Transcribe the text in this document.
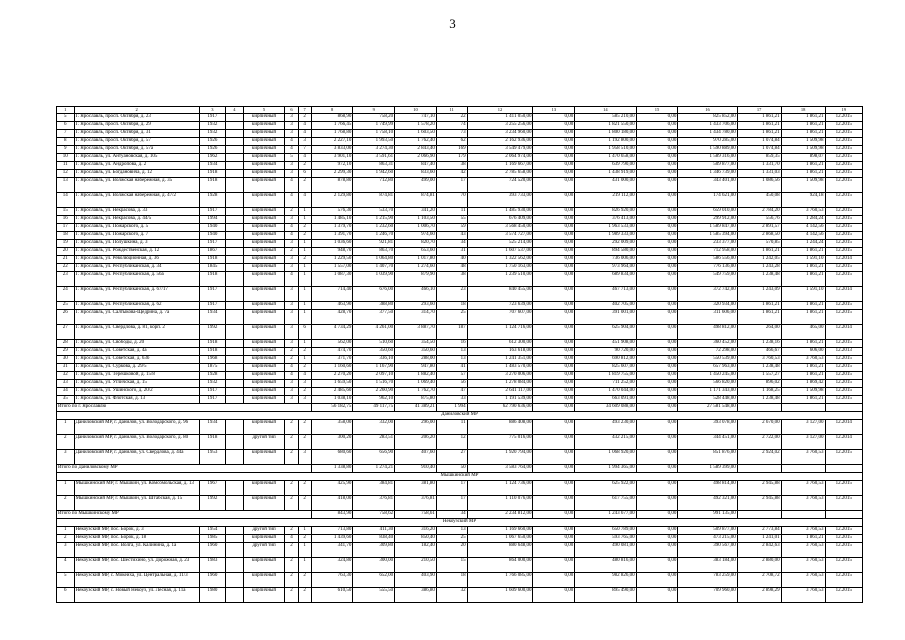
3
1	2	3	4	5	6	7	8	9	10	11	12	13	14	15	16	17	18	19
5	Г. Ярославль, просп. Октября, д. 23	1917		кирпичный	3	2	868,90	758,20	747,10	22	1 411 050,00	0,00	585 210,00	0,00	825 852,00	1 861,21	1 861,21	12.2015
6	Г. Ярославль, просп. Октября, д. 29	1932		кирпичный	3	4	1 766,45	1 749,99	1 578,20	74	3 255 256,00	0,00	1 821 550,00	0,00	1 433 706,00	1 861,21	1 861,21	12.2015
7	Г. Ярославль, просп. Октября, д. 31	1932		кирпичный	3	4	1 768,80	1 758,10	1 603,50	73	3 234 960,00	0,00	1 800 180,00	0,00	1 434 780,00	1 861,21	1 861,21	12.2015
8	Г. Ярославль, просп. Октября, д. 57	1926		кирпичный	4	3	2 227,10	1 993,50	1 762,40	62	2 162 936,00	0,00	1 192 800,00	0,00	970 285,00	1 074,84	1 509,98	12.2015
9	Г. Ярославль, просп. Октября, д. 57а	1926		кирпичный	4	7	3 833,00	3 274,30	2 843,40	169	3 549 479,00	0,00	1 958 510,00	0,00	1 590 889,00	1 074,84	1 509,98	12.2015
10	Г. Ярославль, ул. Антуановская, д. 105	1962		кирпичный	5	4	3 901,10	3 591,61	2 066,90	179	2 064 974,00	0,00	1 470 658,00	0,00	1 589 316,00	859,35	898,07	12.2015
11	Г. Ярославль, ул. Андропова, д. 2	1934		кирпичный	3	2	972,10	863,31	847,40	38	1 169 667,00	0,00	639 790,00	0,00	509 877,00	1 331,70	1 861,21	12.2015
12	Г. Ярославль, ул. Богдановича, д. 12	1918		кирпичный	3	6	2 299,30	1 942,60	833,60	42	2 785 658,00	0,00	1 438 919,00	0,00	1 346 739,00	1 331,03	1 861,21	12.2015
13	Г. Ярославль, ул. Волжская набережная, д. 35	1918		кирпичный	4	2	878,80	712,80	499,00	17	724 520,00	0,00	431 000,00	0,00	343 401,00	1 086,56	1 509,98	12.2015
14	Г. Ярославль, ул. Волжская набережная, д. 47/2	1928		кирпичный	4	4	2 129,80	874,81	874,81	70	393 733,00	0,00	219 112,00	0,00	174 621,00	450,08	924,18	12.2015
15	Г. Ярославль, ул. Некрасова, д. 33	1917		кирпичный	2	1	576,30	533,70	341,20	11	1 485 930,00	0,00	826 920,00	0,00	659 010,00	2 784,20	3 760,53	12.2015
16	Г. Ярославль, ул. Некрасова, д. 44/5	1994		кирпичный	3	1	1 485,10	1 215,90	1 103,50	55	676 409,00	0,00	376 413,00	0,00	299 912,00	556,76	1 284,24	12.2015
17	Г. Ярославль, ул. Пожарского, д. 5	1940		кирпичный	4	2	1 379,70	1 232,60	1 006,70	59	3 568 450,00	0,00	1 963 533,00	0,00	1 589 847,00	2 891,57	4 142,56	12.2015
18	Г. Ярославль, ул. Пожарского, д. 7	1940		кирпичный	4	2	1 391,70	1 246,70	974,60	43	3 574 727,00	0,00	1 989 333,00	0,00	1 585 394,00	2 868,50	4 142,56	12.2015
19	Г. Ярославль, ул. Полушкина, д. 3	1917		кирпичный	3	1	1 036,60	921,81	820,70	34	525 214,00	0,00	292 009,00	0,00	233 377,00	570,85	1 244,24	12.2015
20	Г. Ярославль, ул. Рождественская, д. 12	1867		кирпичный	2	1	948,70	863,70	653,60	31	1 607 537,00	0,00	894 580,00	0,00	712 958,00	1 861,21	1 861,21	12.2015
21	Г. Ярославль, ул. Революционная, д. 36	1918		кирпичный	3	2	1 229,50	1 064,80	1 017,80	40	1 322 562,00	0,00	736 006,00	0,00	586 556,00	1 242,05	1 591,10	12.2014
22	Г. Ярославль, ул. Республиканская, д. 34	1845		кирпичный	3	1	1 557,00	1 407,70	1 274,60	48	1 750 163,00	0,00	973 964,00	0,00	776 136,00	1 243,28	1 861,21	12.2015
23	Г. Ярославль, ул. Республиканская, д. 56а	1918		кирпичный	4	1	1 087,30	1 039,90	879,90	38	1 239 510,00	0,00	689 834,00	0,00	549 759,00	1 238,48	1 861,21	12.2015
24	Г. Ярославль, ул. Республиканская, д. 67/17	1917		кирпичный	3	1	714,40	676,00	466,10	23	840 455,00	0,00	467 713,00	0,00	372 742,00	1 243,09	1 591,10	12.2014
25	Г. Ярославль, ул. Республиканская, д. 62	1917		кирпичный	3	1	463,90	388,80	293,60	18	723 639,00	0,00	402 705,00	0,00	320 934,00	1 861,21	1 861,21	12.2015
26	Г. Ярославль, ул. Салтыкова-Щедрина, д. 7а	1934		кирпичный	3	1	428,70	377,50	314,70	25	707 607,00	0,00	391 001,00	0,00	311 606,00	1 861,21	1 861,21	12.2015
27	Г. Ярославль, ул. Свердлова, д. 81, корп. 2	1992		кирпичный	3	6	4 734,29	4 261,00	3 887,70	187	1 124 716,00	0,00	625 904,00	0,00	498 812,00	264,00	465,00	12.2014
28	Г. Ярославль, ул. Свободы, д. 20	1918		кирпичный	3	1	562,00	510,60	354,50	16	612 300,00	0,00	451 908,00	0,00	360 452,00	1 238,16	1 861,21	12.2015
29	Г. Ярославль, ул. Советская, д. 4а	1918		кирпичный	2	2	474,70	350,60	350,60	13	163 618,00	0,00	90 720,00	0,00	72 298,00	466,67	606,00	12.2013
30	Г. Ярославль, ул. Советская, д. 63б	1968		кирпичный	2	1	371,70	336,10	288,00	13	1 241 351,00	0,00	690 812,00	0,00	550 539,00	3 760,53	3 760,53	12.2015
31	Г. Ярославль, ул. Суркова, д. 29/5	1875		кирпичный	4	2	1 160,60	1 167,90	947,80	41	1 483 570,00	0,00	825 607,00	0,00	657 963,00	1 238,48	1 861,21	12.2015
32	Г. Ярославль, ул. Терешковой, д. 15/8	1928		кирпичный	4	4	2 270,20	2 097,10	1 882,40	57	3 270 006,00	0,00	1 819 755,00	0,00	1 450 245,00	1 557,27	1 861,21	12.2015
33	Г. Ярославль, ул. Угличская, д. 15	1932		кирпичный	3	3	1 659,50	1 516,70	1 069,40	56	1 278 084,00	0,00	711 252,00	0,00	566 820,00	896,02	1 869,42	12.2015
34	Г. Ярославль, ул. Ушинского, д. 20/2	1917		кирпичный	3	2	2 485,60	2 260,90	1 762,70	47	2 641 117,00	0,00	1 470 044,00	0,00	1 171 343,00	1 168,25	1 509,98	12.2015
35	Г. Ярославль, ул. Флотская, д. 13	1917		кирпичный	3	3	1 038,10	962,10	875,80	33	1 191 539,00	0,00	663 091,00	0,00	528 448,00	1 238,48	1 861,21	12.2015
Итого по г. Ярославлю							56 182,75	49 117,75	41 389,21	1 994	62 790 636,00	0,00	34 609 088,00	0,00	27 581 548,00			
Даниловский МР																		
1	Даниловский МР, г. Данилов, ул. Володарского, д. 96	1934		кирпичный	2	2	358,00	332,00	296,00	11	886 408,00	0,00	493 230,00	0,00	393 078,00	2 670,00	3 127,00	12.2014
2	Даниловский МР, г. Данилов, ул. Володарского, д. 80	1918		другой тип	2	2	300,20	283,51	206,20	12	775 016,00	0,00	432 215,00	0,00	344 451,00	2 722,00	3 127,00	12.2014
3	Даниловский МР, г. Данилов, ул. Свердлова, д. 44а	1953		кирпичный	2	3	680,60	656,90	407,60	27	1 920 794,00	0,00	1 068 920,00	0,00	851 876,00	2 924,02	3 760,53	12.2015
Итого по Даниловскому МР							1 338,80	1 274,21	910,40	50	3 583 764,00	0,00	1 994 365,00	0,00	1 589 399,00			
Мышкинский МР																		
1	Мышкинский МР, г. Мышкин, ул. Комсомольская, д. 13	1967		кирпичный	2	2	425,90	384,81	381,80	17	1 124 736,00	0,00	625 922,00	0,00	498 814,00	2 945,88	3 760,53	12.2015
2	Мышкинский МР, г. Мышкин, ул. Штабская, д. 15	1992		кирпичный	2	2	418,00	376,81	376,81	17	1 110 076,00	0,00	617 755,00	0,00	492 321,00	2 945,88	3 760,53	12.2015
Итого по Мышкинскому МР							843,90	758,62	758,61	34	2 234 812,00	0,00	1 243 677,00	0,00	991 135,00			
Некоузский МР																		
1	Некоузский МР, пос. Борок, д. 3	1954		другой тип	2	1	713,80	411,30	316,20	13	1 169 660,00	0,00	650 789,00	0,00	509 877,00	2 773,84	3 760,53	12.2015
2	Некоузский МР, пос. Борок, д. 18	1985		кирпичный	4	2	1 439,60	838,40	850,40	25	1 067 650,00	0,00	593 765,00	0,00	473 215,00	1 241,01	1 861,21	12.2015
3	Некоузский МР, пос. Волга, ул. Калинина, д. 1а	1960		другой тип	2	1	341,70	309,80	182,40	20	880 648,00	0,00	490 081,00	0,00	390 567,00	2 842,63	3 760,53	12.2015
4	Некоузский МР, пос. Шестихино, ул. Дорожная, д. 23	1983		кирпичный	2	1	324,80	300,00	210,50	15	864 000,00	0,00	480 816,00	0,00	383 184,00	2 880,00	3 760,53	12.2015
5	Некоузский МР, с. Мокеиха, ул. Центральная, д. 11/3	1960		кирпичный	2	2	763,30	652,00	403,90	18	1 766 085,00	0,00	982 826,00	0,00	783 259,00	2 708,72	3 760,53	12.2015
6	Некоузский МР, с. Новый Некоуз, ул. Лесная, д. 11а	1980		кирпичный	2	2	610,50	555,50	386,80	32	1 609 600,00	0,00	895 490,00	0,00	709 960,00	2 898,29	3 760,53	12.2015
